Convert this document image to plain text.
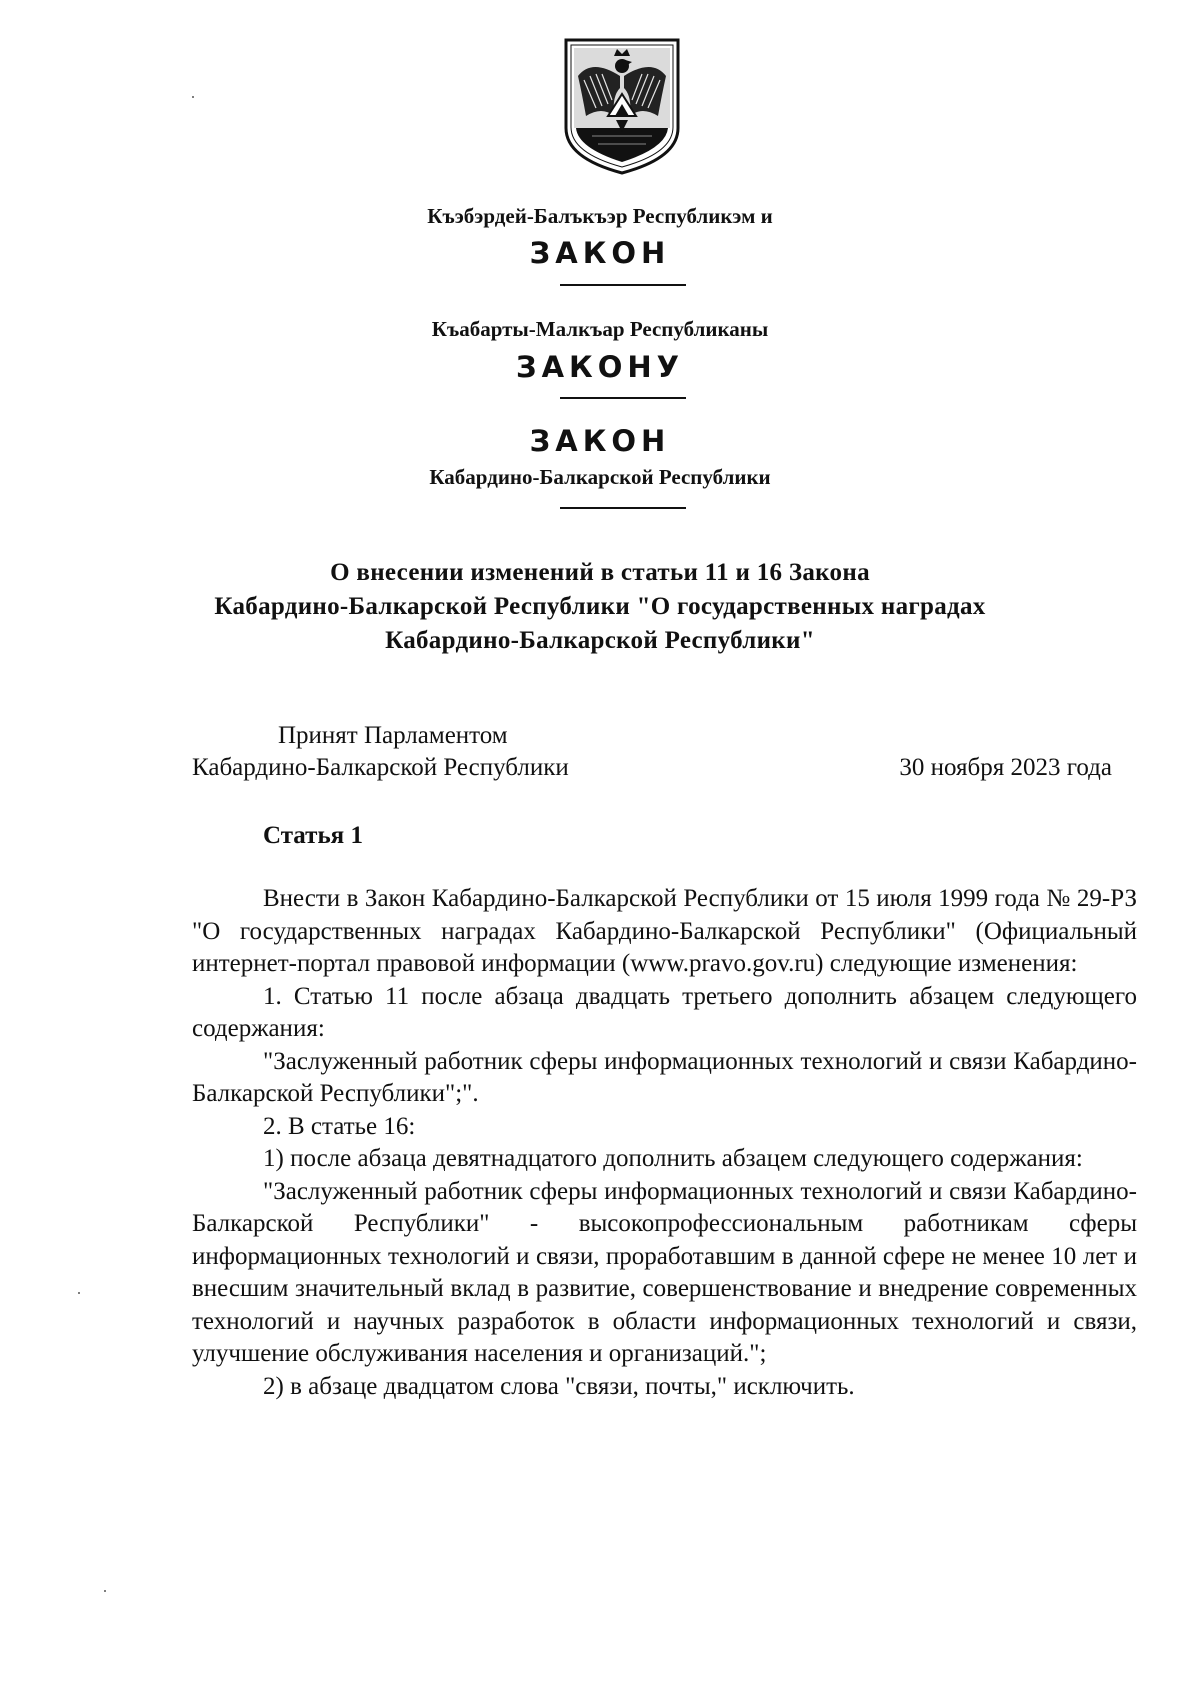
Къэбэрдей-Балъкъэр Республикэм и
ЗАКОН
Къабарты-Малкъар Республиканы
ЗАКОНУ
ЗАКОН
Кабардино-Балкарской Республики
О внесении изменений в статьи 11 и 16 Закона
Кабардино-Балкарской Республики "О государственных наградах
Кабардино-Балкарской Республики"
Принят Парламентом
Кабардино-Балкарской Республики	30 ноября 2023 года
Статья 1

Внести в Закон Кабардино-Балкарской Республики от 15 июля 1999 года № 29-РЗ "О государственных наградах Кабардино-Балкарской Республики" (Официальный интернет-портал правовой информации (www.pravo.gov.ru) следующие изменения:

1. Статью 11 после абзаца двадцать третьего дополнить абзацем следующего содержания:

"Заслуженный работник сферы информационных технологий и связи Кабардино-Балкарской Республики";".

2. В статье 16:

1) после абзаца девятнадцатого дополнить абзацем следующего содержания:

"Заслуженный работник сферы информационных технологий и связи Кабардино-Балкарской Республики" - высокопрофессиональным работникам сферы информационных технологий и связи, проработавшим в данной сфере не менее 10 лет и внесшим значительный вклад в развитие, совершенствование и внедрение современных технологий и научных разработок в области информационных технологий и связи, улучшение обслуживания населения и организаций.";

2) в абзаце двадцатом слова "связи, почты," исключить.
